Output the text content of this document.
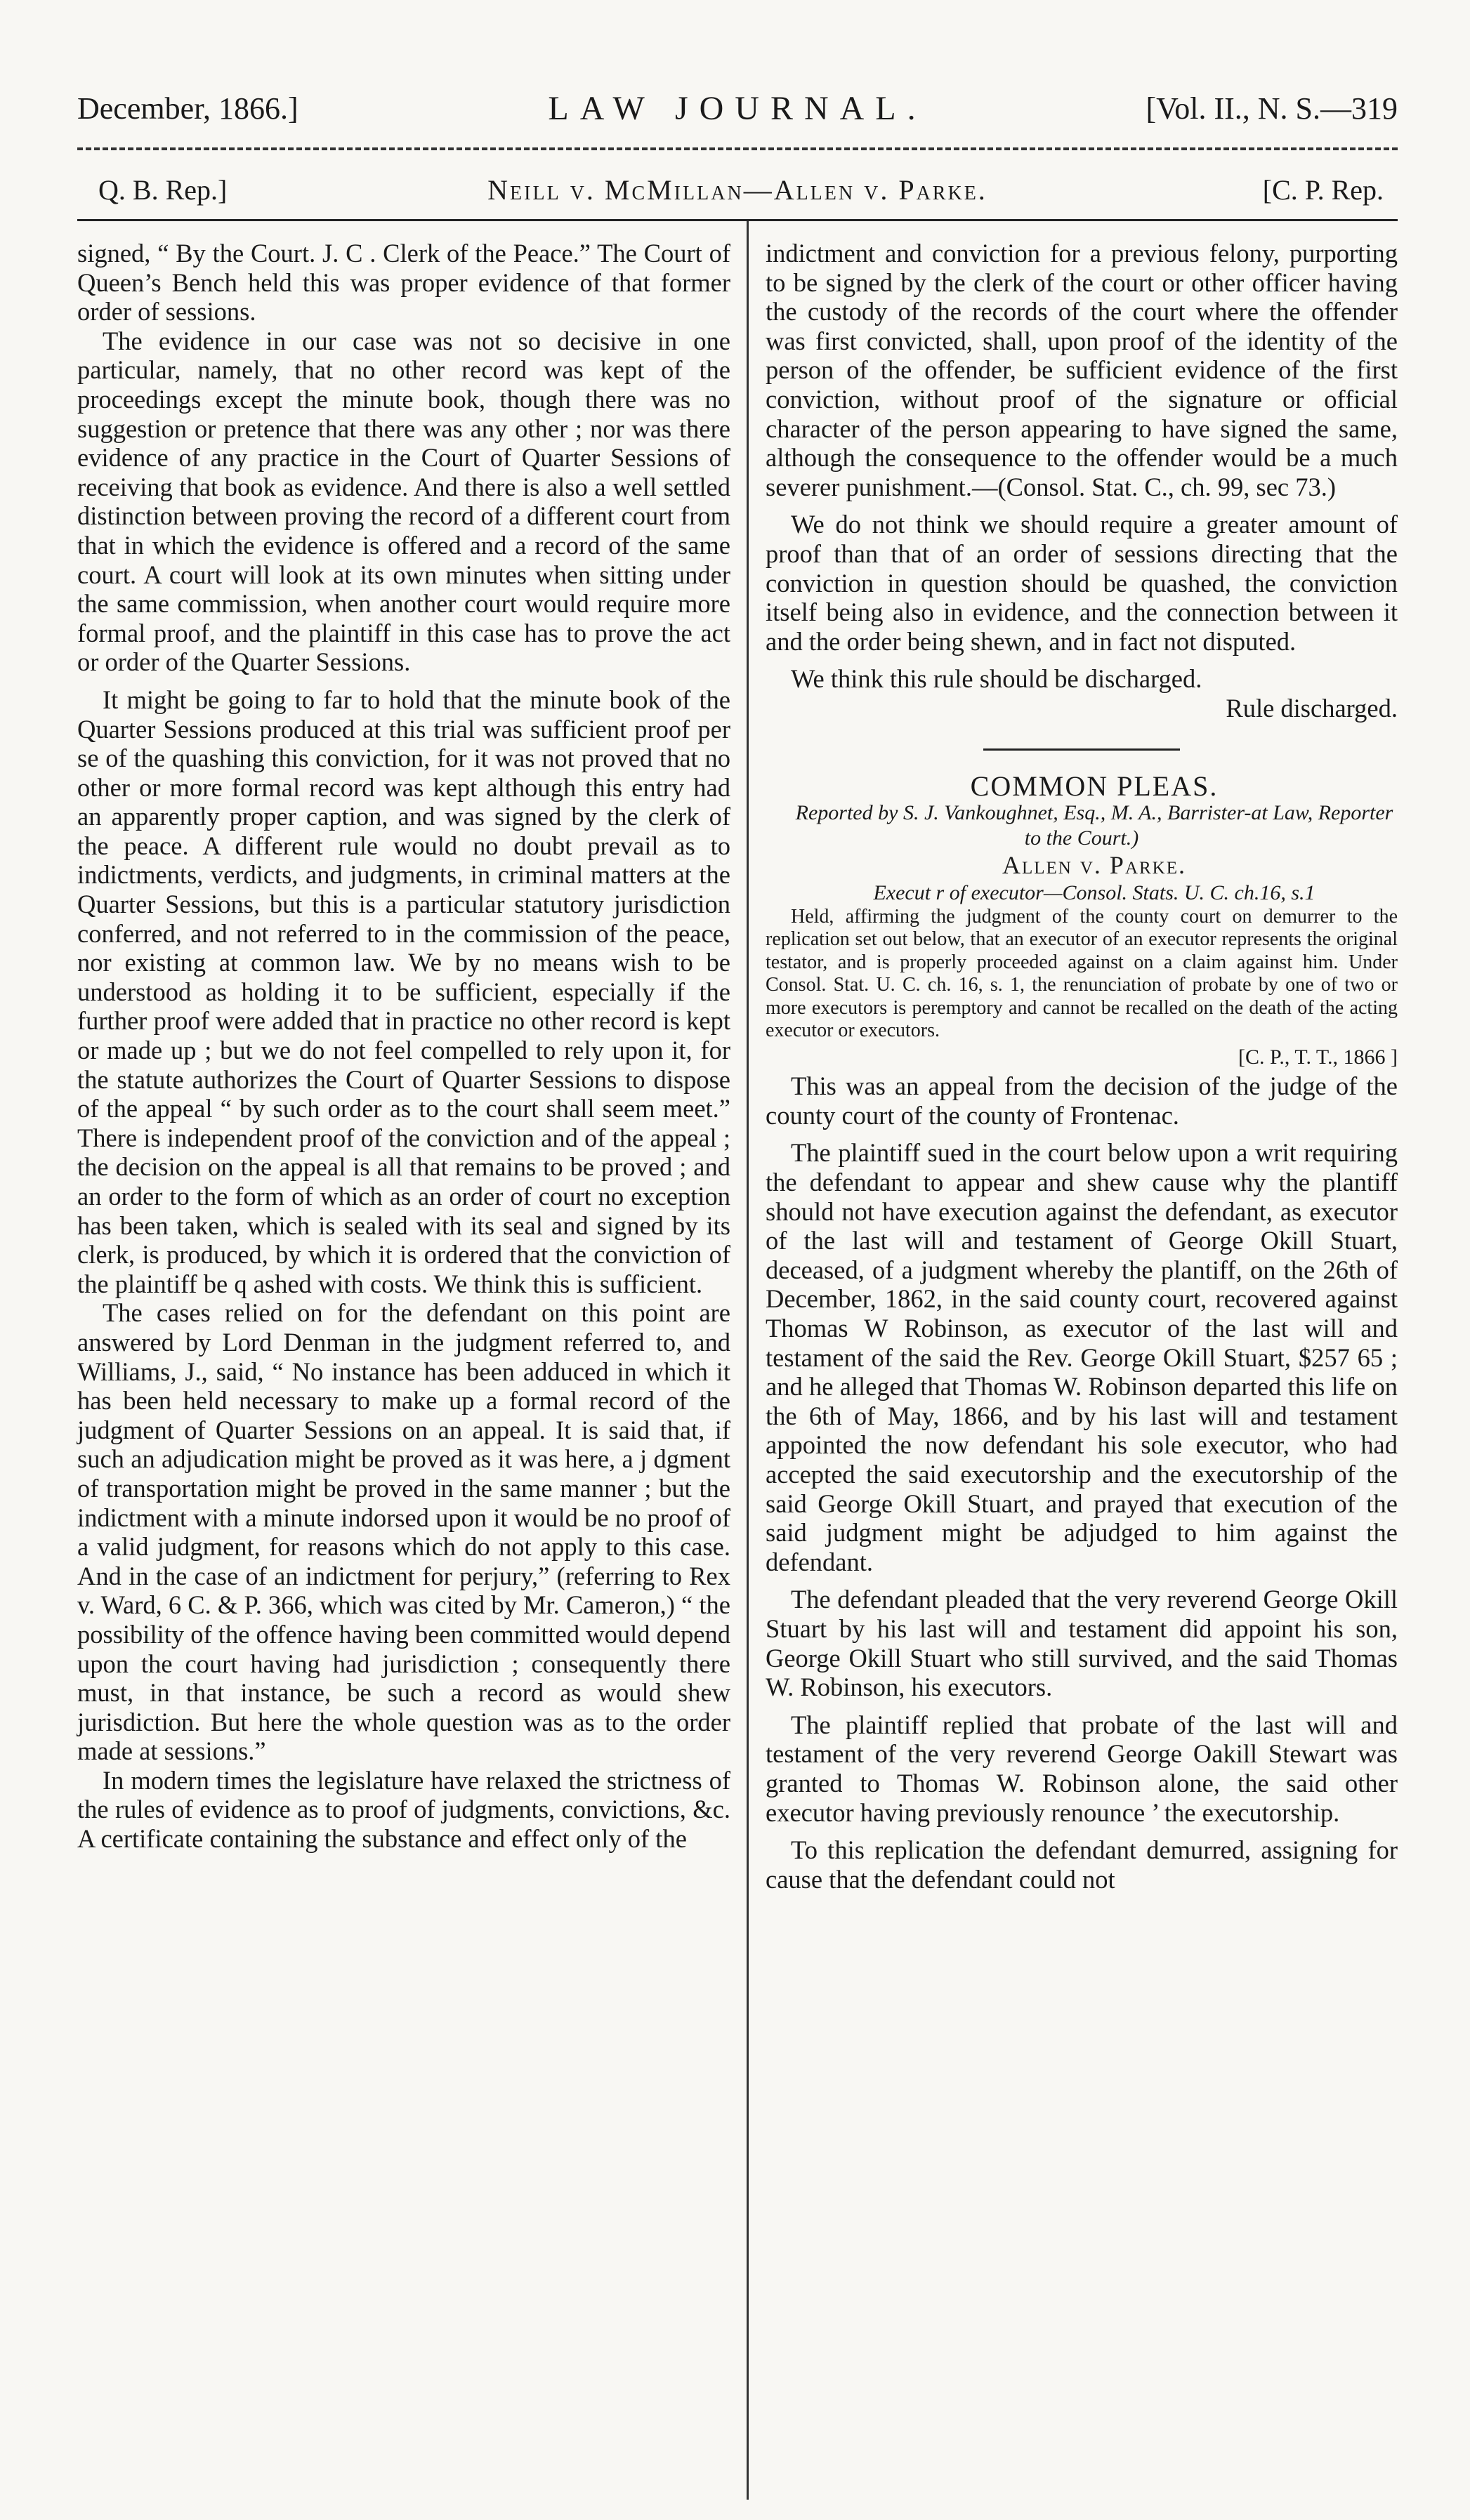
December, 1866.]	LAW JOURNAL.	[Vol. II., N. S.—319
Q. B. Rep.]	Neill v. McMillan—Allen v. Parke.	[C. P. Rep.

signed, “ By the Court. J. C . Clerk of the Peace.” The Court of Queen’s Bench held this was proper evidence of that former order of sessions.

The evidence in our case was not so decisive in one particular, namely, that no other record was kept of the proceedings except the minute book, though there was no suggestion or pretence that there was any other ; nor was there evidence of any practice in the Court of Quarter Sessions of receiving that book as evidence. And there is also a well settled distinction between proving the record of a different court from that in which the evidence is offered and a record of the same court. A court will look at its own minutes when sitting under the same commission, when another court would require more formal proof, and the plaintiff in this case has to prove the act or order of the Quarter Sessions.

It might be going to far to hold that the minute book of the Quarter Sessions produced at this trial was sufficient proof per se of the quashing this conviction, for it was not proved that no other or more formal record was kept although this entry had an apparently proper caption, and was signed by the clerk of the peace. A different rule would no doubt prevail as to indictments, verdicts, and judgments, in criminal matters at the Quarter Sessions, but this is a particular statutory jurisdiction conferred, and not referred to in the commission of the peace, nor existing at common law. We by no means wish to be understood as holding it to be sufficient, especially if the further proof were added that in practice no other record is kept or made up ; but we do not feel compelled to rely upon it, for the statute authorizes the Court of Quarter Sessions to dispose of the appeal “ by such order as to the court shall seem meet.” There is independent proof of the conviction and of the appeal ; the decision on the appeal is all that remains to be proved ; and an order to the form of which as an order of court no exception has been taken, which is sealed with its seal and signed by its clerk, is produced, by which it is ordered that the conviction of the plaintiff be q ashed with costs. We think this is sufficient.

The cases relied on for the defendant on this point are answered by Lord Denman in the judgment referred to, and Williams, J., said, “ No instance has been adduced in which it has been held necessary to make up a formal record of the judgment of Quarter Sessions on an appeal. It is said that, if such an adjudication might be proved as it was here, a j dgment of transportation might be proved in the same manner ; but the indictment with a minute indorsed upon it would be no proof of a valid judgment, for reasons which do not apply to this case. And in the case of an indictment for perjury,” (referring to Rex v. Ward, 6 C. & P. 366, which was cited by Mr. Cameron,) “ the possibility of the offence having been committed would depend upon the court having had jurisdiction ; consequently there must, in that instance, be such a record as would shew jurisdiction. But here the whole question was as to the order made at sessions.”

In modern times the legislature have relaxed the strictness of the rules of evidence as to proof of judgments, convictions, &c. A certificate containing the substance and effect only of the

indictment and conviction for a previous felony, purporting to be signed by the clerk of the court or other officer having the custody of the records of the court where the offender was first convicted, shall, upon proof of the identity of the person of the offender, be sufficient evidence of the first conviction, without proof of the signature or official character of the person appearing to have signed the same, although the consequence to the offender would be a much severer punishment.—(Consol. Stat. C., ch. 99, sec 73.)

We do not think we should require a greater amount of proof than that of an order of sessions directing that the conviction in question should be quashed, the conviction itself being also in evidence, and the connection between it and the order being shewn, and in fact not disputed.

We think this rule should be discharged.

Rule discharged.

COMMON PLEAS.

Reported by S. J. Vankoughnet, Esq., M. A., Barrister-at Law, Reporter to the Court.)

Allen v. Parke.

Execut r of executor—Consol. Stats. U. C. ch.16, s.1

Held, affirming the judgment of the county court on demurrer to the replication set out below, that an executor of an executor represents the original testator, and is properly proceeded against on a claim against him. Under Consol. Stat. U. C. ch. 16, s. 1, the renunciation of probate by one of two or more executors is peremptory and cannot be recalled on the death of the acting executor or executors.

[C. P., T. T., 1866 ]

This was an appeal from the decision of the judge of the county court of the county of Frontenac.

The plaintiff sued in the court below upon a writ requiring the defendant to appear and shew cause why the plantiff should not have execution against the defendant, as executor of the last will and testament of George Okill Stuart, deceased, of a judgment whereby the plantiff, on the 26th of December, 1862, in the said county court, recovered against Thomas W Robinson, as executor of the last will and testament of the said the Rev. George Okill Stuart, $257 65 ; and he alleged that Thomas W. Robinson departed this life on the 6th of May, 1866, and by his last will and testament appointed the now defendant his sole executor, who had accepted the said executorship and the executorship of the said George Okill Stuart, and prayed that execution of the said judgment might be adjudged to him against the defendant.

The defendant pleaded that the very reverend George Okill Stuart by his last will and testament did appoint his son, George Okill Stuart who still survived, and the said Thomas W. Robinson, his executors.

The plaintiff replied that probate of the last will and testament of the very reverend George Oakill Stewart was granted to Thomas W. Robinson alone, the said other executor having previously renounce ’ the executorship.

To this replication the defendant demurred, assigning for cause that the defendant could not
